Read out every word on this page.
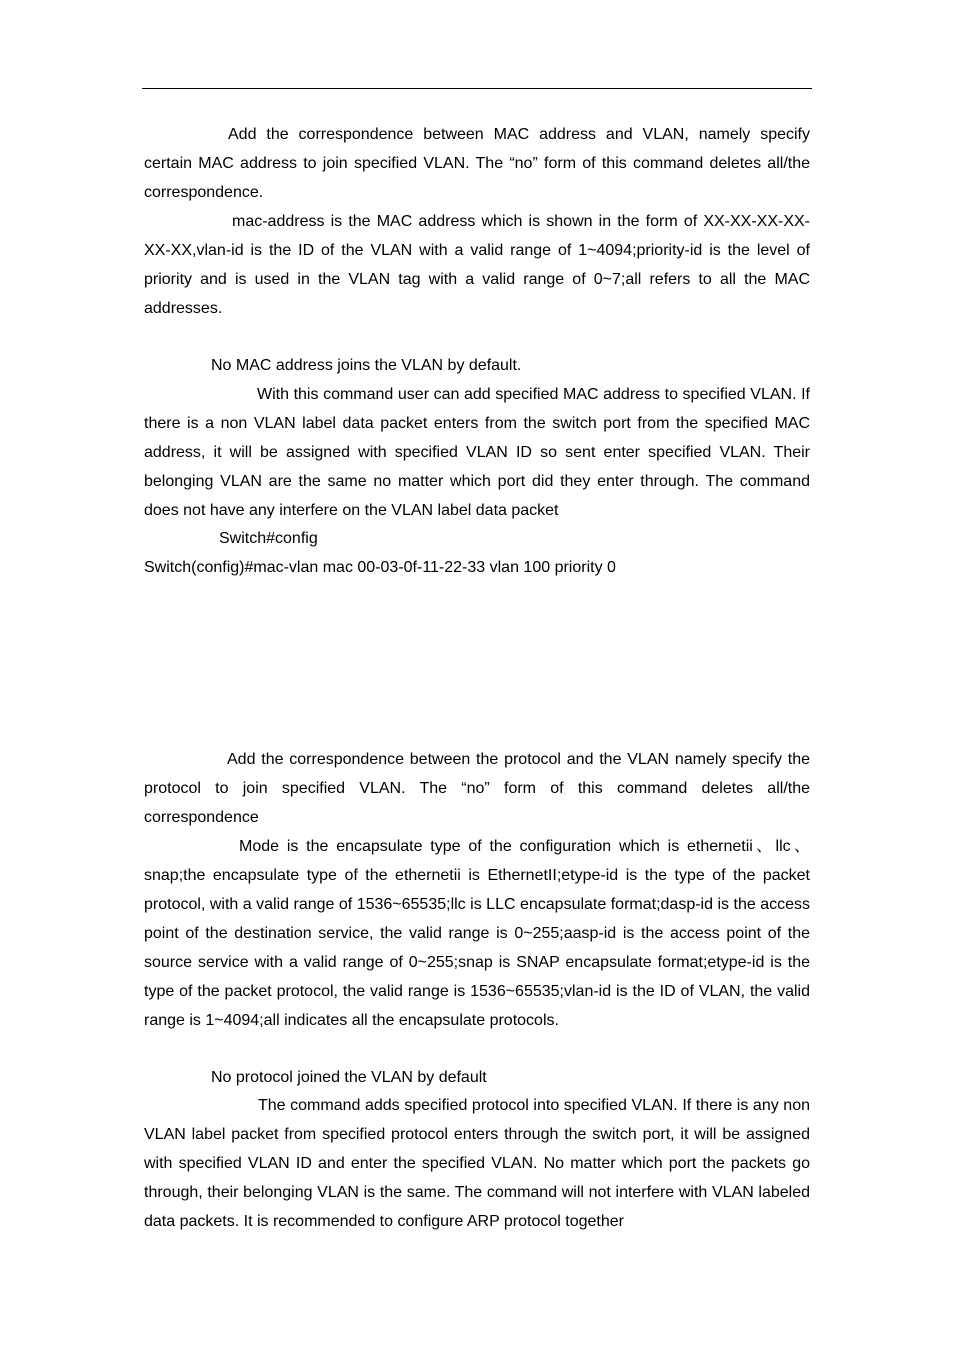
Add the correspondence between MAC address and VLAN, namely specify certain MAC address to join specified VLAN. The “no” form of this command deletes all/the correspondence.

mac-address is the MAC address which is shown in the form of XX-XX-XX-XX-XX-XX,vlan-id is the ID of the VLAN with a valid range of 1~4094;priority-id is the level of priority and is used in the VLAN tag with a valid range of 0~7;all refers to all the MAC addresses.

No MAC address joins the VLAN by default.

With this command user can add specified MAC address to specified VLAN. If there is a non VLAN label data packet enters from the switch port from the specified MAC address, it will be assigned with specified VLAN ID so sent enter specified VLAN. Their belonging VLAN are the same no matter which port did they enter through. The command does not have any interfere on the VLAN label data packet

Switch#config

Switch(config)#mac-vlan mac 00-03-0f-11-22-33 vlan 100 priority 0

Add the correspondence between the protocol and the VLAN namely specify the protocol to join specified VLAN. The “no” form of this command deletes all/the correspondence

Mode is the encapsulate type of the configuration which is ethernetii、llc、snap;the encapsulate type of the ethernetii is EthernetII;etype-id is the type of the packet protocol, with a valid range of 1536~65535;llc is LLC encapsulate format;dasp-id is the access point of the destination service, the valid range is 0~255;aasp-id is the access point of the source service with a valid range of 0~255;snap is SNAP encapsulate format;etype-id is the type of the packet protocol, the valid range is 1536~65535;vlan-id is the ID of VLAN, the valid range is 1~4094;all indicates all the encapsulate protocols.

No protocol joined the VLAN by default

The command adds specified protocol into specified VLAN. If there is any non VLAN label packet from specified protocol enters through the switch port, it will be assigned with specified VLAN ID and enter the specified VLAN. No matter which port the packets go through, their belonging VLAN is the same. The command will not interfere with VLAN labeled data packets. It is recommended to configure ARP protocol together
